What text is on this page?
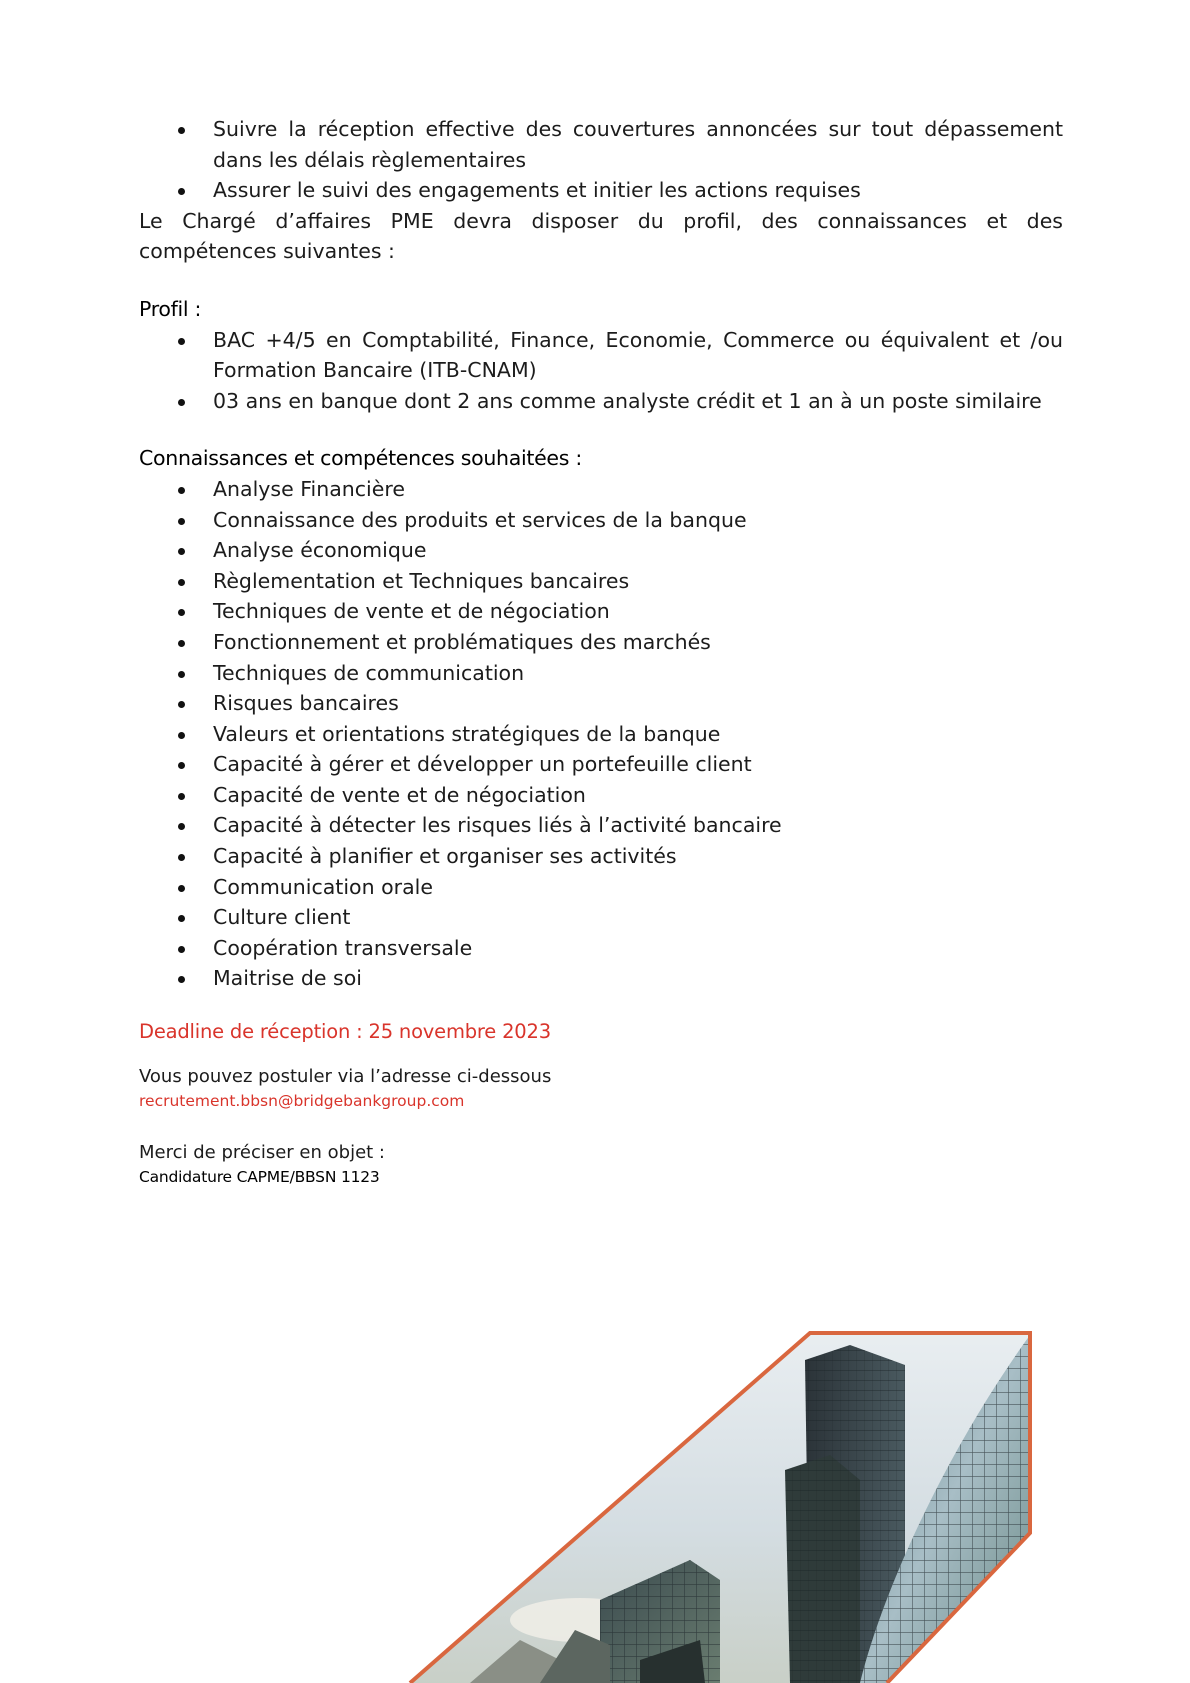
Suivre la réception effective des couvertures annoncées sur tout dépassement dans les délais règlementaires
Assurer le suivi des engagements et initier les actions requises

Le Chargé d’affaires PME devra disposer du profil, des connaissances et des compétences suivantes :

Profil :

BAC +4/5 en Comptabilité, Finance, Economie, Commerce ou équivalent et /ou Formation Bancaire (ITB-CNAM)
03 ans en banque dont 2 ans comme analyste crédit et 1 an à un poste similaire

Connaissances et compétences souhaitées :

Analyse Financière
Connaissance des produits et services de la banque
Analyse économique
Règlementation et Techniques bancaires
Techniques de vente et de négociation
Fonctionnement et problématiques des marchés
Techniques de communication
Risques bancaires
Valeurs et orientations stratégiques de la banque
Capacité à gérer et développer un portefeuille client
Capacité de vente et de négociation
Capacité à détecter les risques liés à l’activité bancaire
Capacité à planifier et organiser ses activités
Communication orale
Culture client
Coopération transversale
Maitrise de soi

Deadline de réception : 25 novembre 2023

Vous pouvez postuler via l’adresse ci-dessous

recrutement.bbsn@bridgebankgroup.com

Merci de préciser en objet :

Candidature CAPME/BBSN 1123
